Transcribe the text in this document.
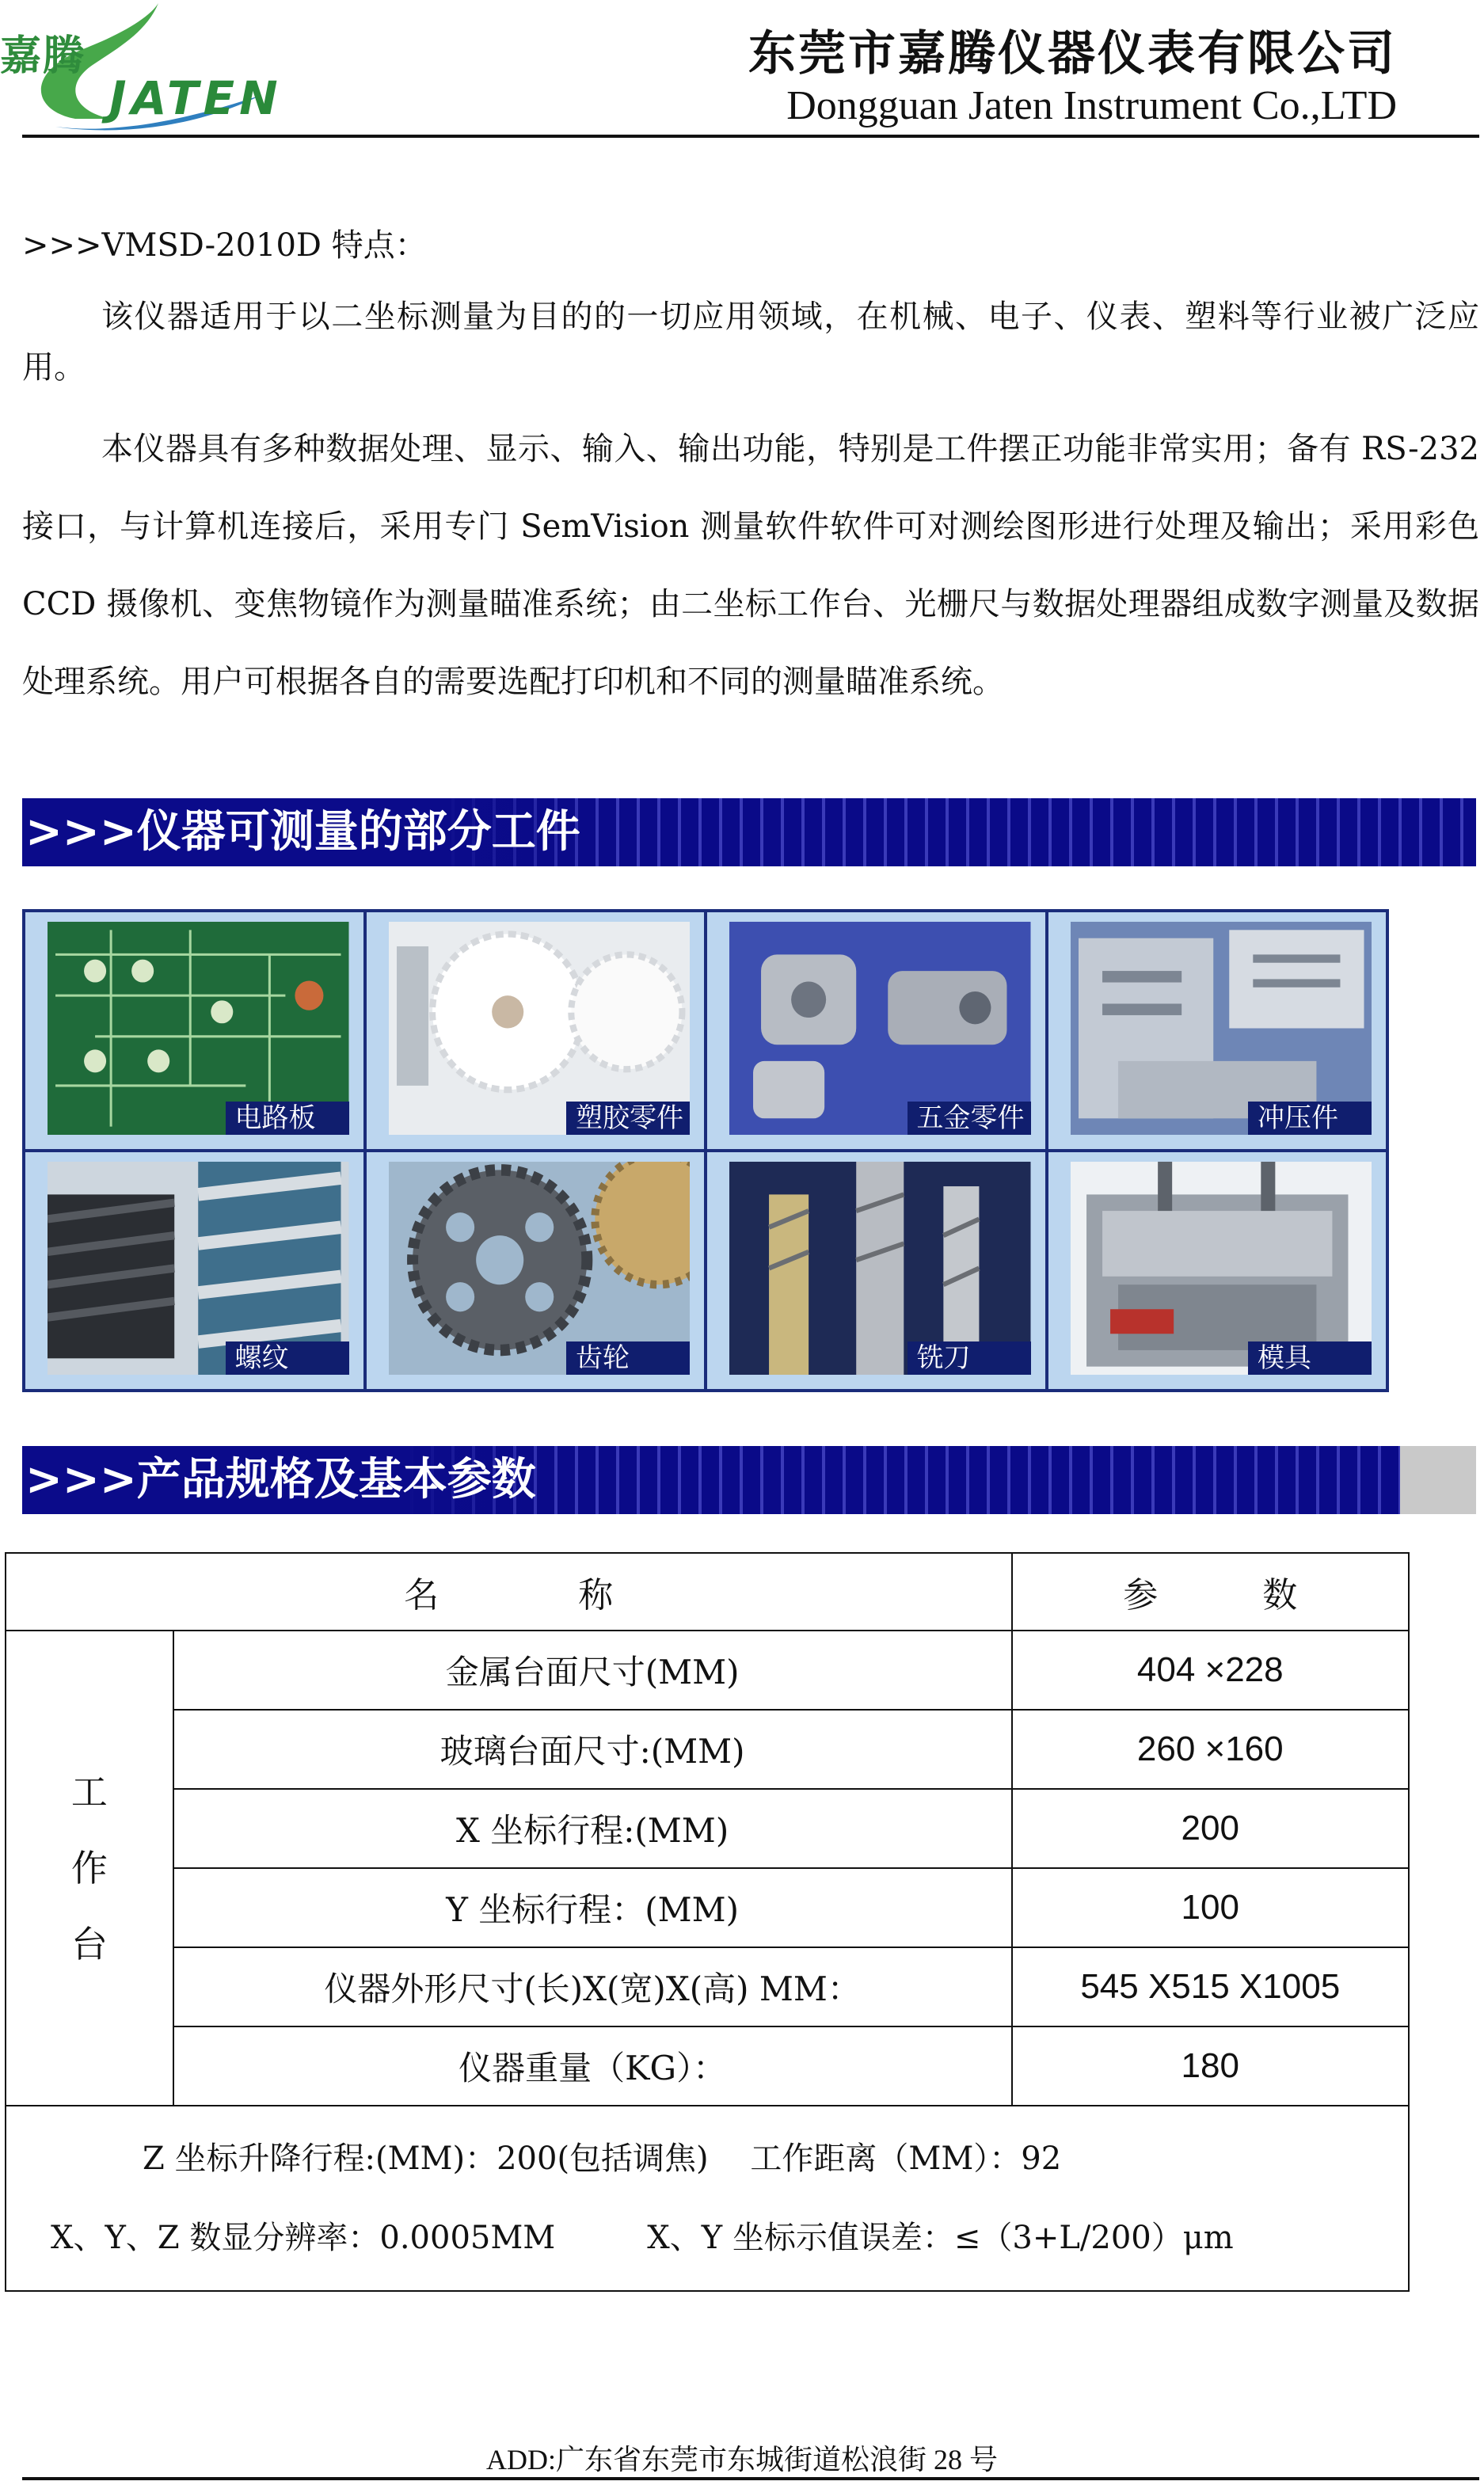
嘉腾
JATEN
东莞市嘉腾仪器仪表有限公司
Dongguan Jaten Instrument Co.,LTD
>>>VMSD-2010D 特点：
该仪器适用于以二坐标测量为目的的一切应用领域，在机械、电子、仪表、塑料等行业被广泛应用。
本仪器具有多种数据处理、显示、输入、输出功能，特别是工件摆正功能非常实用；备有 RS-232 接口，与计算机连接后，采用专门 SemVision 测量软件软件可对测绘图形进行处理及输出；采用彩色 CCD 摄像机、变焦物镜作为测量瞄准系统；由二坐标工作台、光栅尺与数据处理器组成数字测量及数据处理系统。用户可根据各自的需要选配打印机和不同的测量瞄准系统。
>>>仪器可测量的部分工件
电路板	塑胶零件	五金零件	冲压件
螺纹	齿轮	铣刀	模具
>>>产品规格及基本参数
名　　　　称		参　　　数

工
作
台	金属台面尺寸(MM)	404 ×228
	玻璃台面尺寸:(MM)	260 ×160
	X 坐标行程:(MM)	200
	Y 坐标行程：(MM)	100
	仪器外形尺寸(长)X(宽)X(高) MM：	545 X515 X1005
	仪器重量（KG）：	180

Z 坐标升降行程:(MM)：200(包括调焦)　 工作距离（MM）：92
X、Y、Z 数显分辨率：0.0005MM X、Y 坐标示值误差：≤（3+L/200）μm		
ADD:广东省东莞市东城街道松浪街 28 号
